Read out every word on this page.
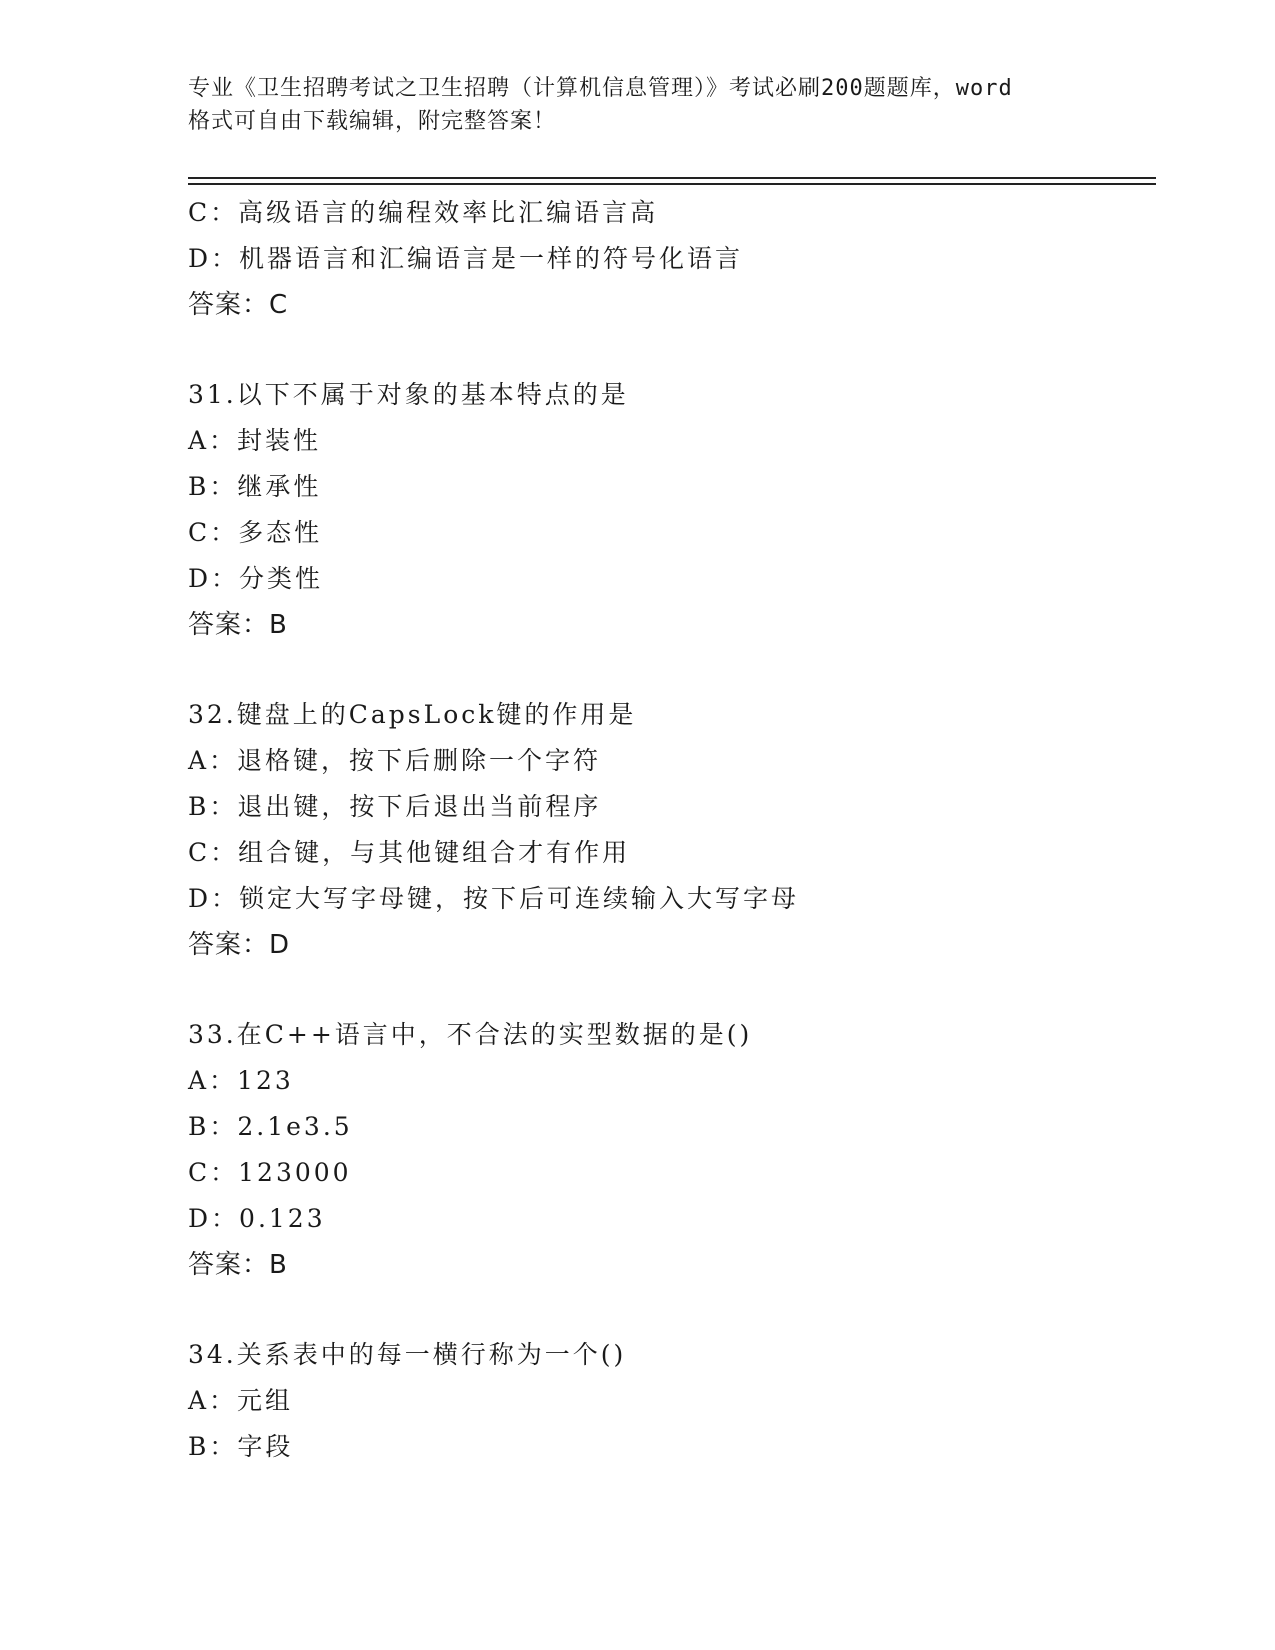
专业《卫生招聘考试之卫生招聘（计算机信息管理）》考试必刷200题题库，word
格式可自由下载编辑，附完整答案！
C：高级语言的编程效率比汇编语言高
D：机器语言和汇编语言是一样的符号化语言
答案：C
31.以下不属于对象的基本特点的是
A：封装性
B：继承性
C：多态性
D：分类性
答案：B
32.键盘上的CapsLock键的作用是
A：退格键，按下后删除一个字符
B：退出键，按下后退出当前程序
C：组合键，与其他键组合才有作用
D：锁定大写字母键，按下后可连续输入大写字母
答案：D
33.在C++语言中，不合法的实型数据的是()
A：123
B：2.1e3.5
C：123000
D：0.123
答案：B
34.关系表中的每一横行称为一个()
A：元组
B：字段
